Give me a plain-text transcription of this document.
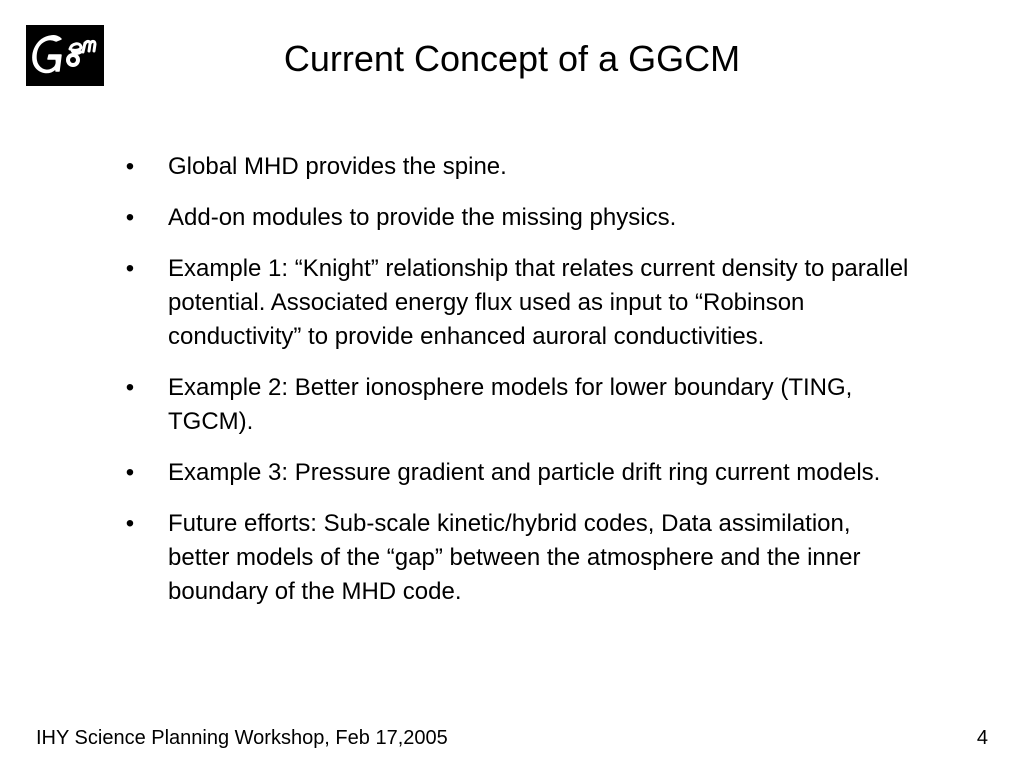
Current Concept of a GGCM
• Global MHD provides the spine.
• Add-on modules to provide the missing physics.
• Example 1: “Knight” relationship that relates current density to parallel potential. Associated energy flux used as input to “Robinson conductivity” to provide enhanced auroral conductivities.
• Example 2: Better ionosphere models for lower boundary (TING, TGCM).
• Example 3: Pressure gradient and particle drift ring current models.
• Future efforts: Sub-scale kinetic/hybrid codes, Data assimilation, better models of the “gap” between the atmosphere and the inner boundary of the MHD code.
IHY Science Planning Workshop, Feb 17,2005	4
